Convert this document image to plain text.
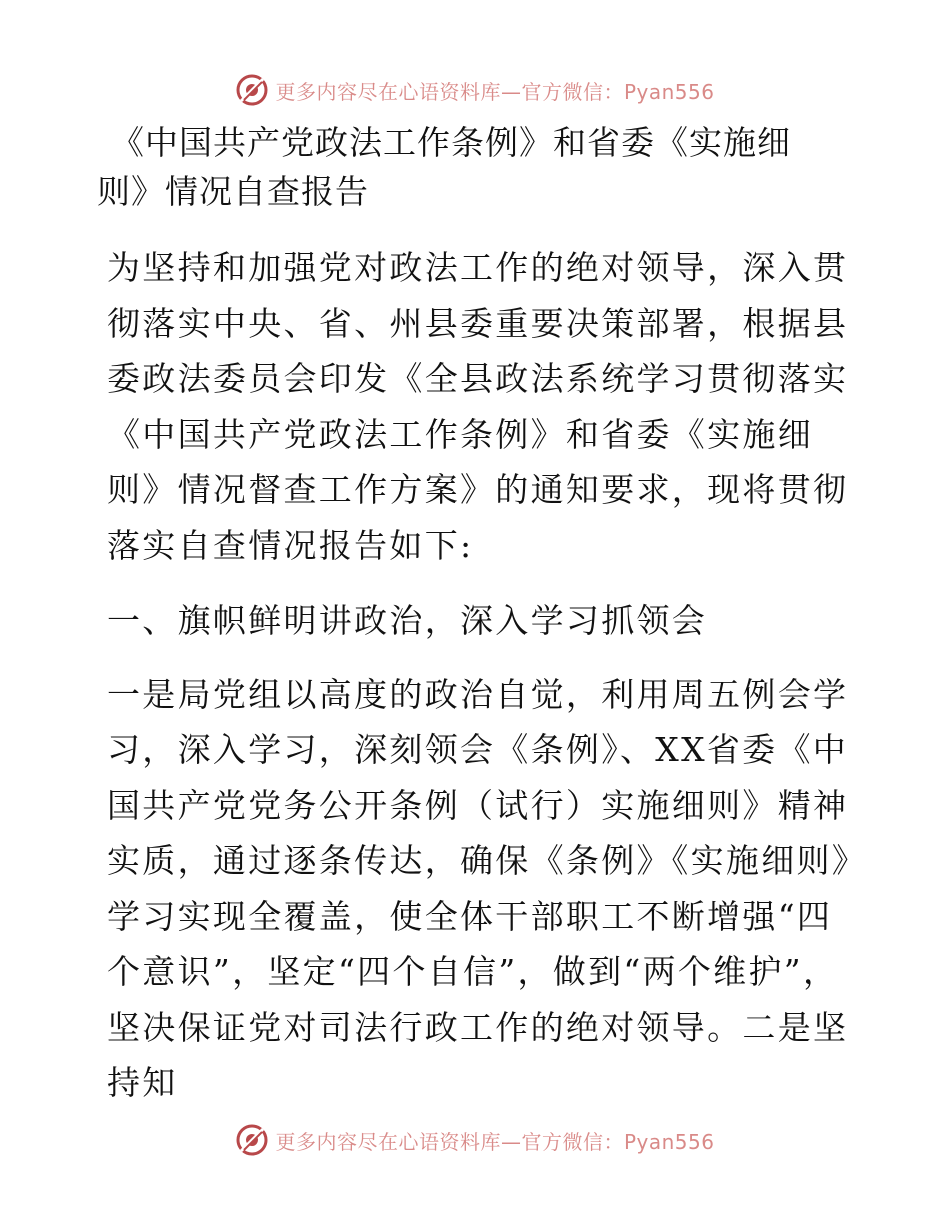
更多内容尽在心语资料库—官方微信：Pyan556
《中国共产党政法工作条例》和省委《实施细
则》情况自查报告

为坚持和加强党对政法工作的绝对领导，深入贯彻落实中央、省、州县委重要决策部署，根据县委政法委员会印发《全县政法系统学习贯彻落实《中国共产党政法工作条例》和省委《实施细则》情况督查工作方案》的通知要求，现将贯彻落实自查情况报告如下:

一、旗帜鲜明讲政治，深入学习抓领会

一是局党组以高度的政治自觉，利用周五例会学习，深入学习，深刻领会《条例》、XX省委《中国共产党党务公开条例（试行）实施细则》精神实质，通过逐条传达，确保《条例》《实施细则》学习实现全覆盖，使全体干部职工不断增强“四个意识”，坚定“四个自信”，做到“两个维护”，坚决保证党对司法行政工作的绝对领导。二是坚持知

更多内容尽在心语资料库—官方微信：Pyan556
